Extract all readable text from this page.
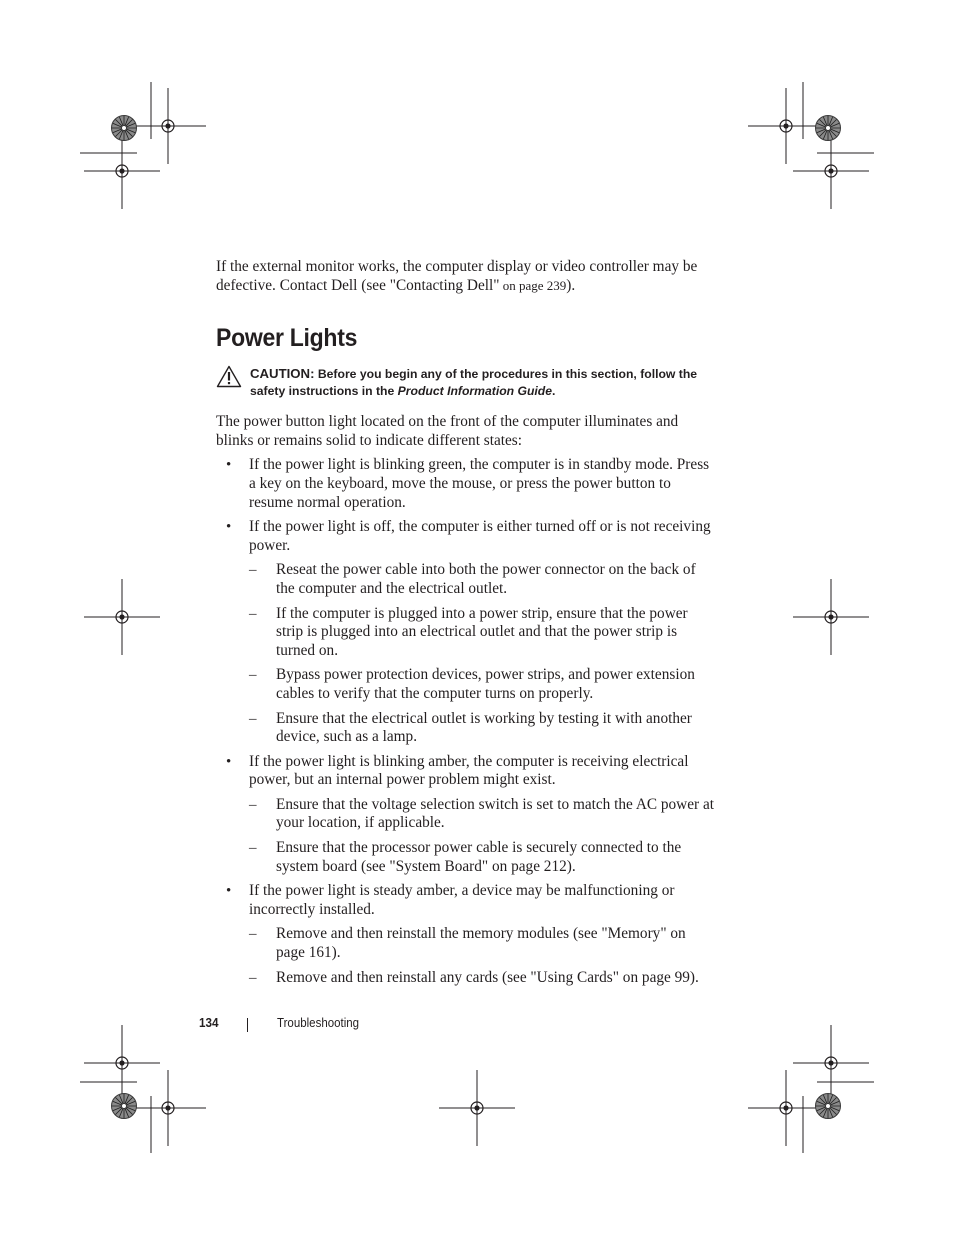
If the external monitor works, the computer display or video controller may be defective. Contact Dell (see "Contacting Dell" on page 239).

Power Lights
CAUTION: Before you begin any of the procedures in this section, follow the safety instructions in the Product Information Guide.

The power button light located on the front of the computer illuminates and blinks or remains solid to indicate different states:

• If the power light is blinking green, the computer is in standby mode. Press a key on the keyboard, move the mouse, or press the power button to resume normal operation.

• If the power light is off, the computer is either turned off or is not receiving power.

– Reseat the power cable into both the power connector on the back of the computer and the electrical outlet.

– If the computer is plugged into a power strip, ensure that the power strip is plugged into an electrical outlet and that the power strip is turned on.

– Bypass power protection devices, power strips, and power extension cables to verify that the computer turns on properly.

– Ensure that the electrical outlet is working by testing it with another device, such as a lamp.

• If the power light is blinking amber, the computer is receiving electrical power, but an internal power problem might exist.

– Ensure that the voltage selection switch is set to match the AC power at your location, if applicable.

– Ensure that the processor power cable is securely connected to the system board (see "System Board" on page 212).

• If the power light is steady amber, a device may be malfunctioning or incorrectly installed.

– Remove and then reinstall the memory modules (see "Memory" on page 161).

– Remove and then reinstall any cards (see "Using Cards" on page 99).

134	Troubleshooting
